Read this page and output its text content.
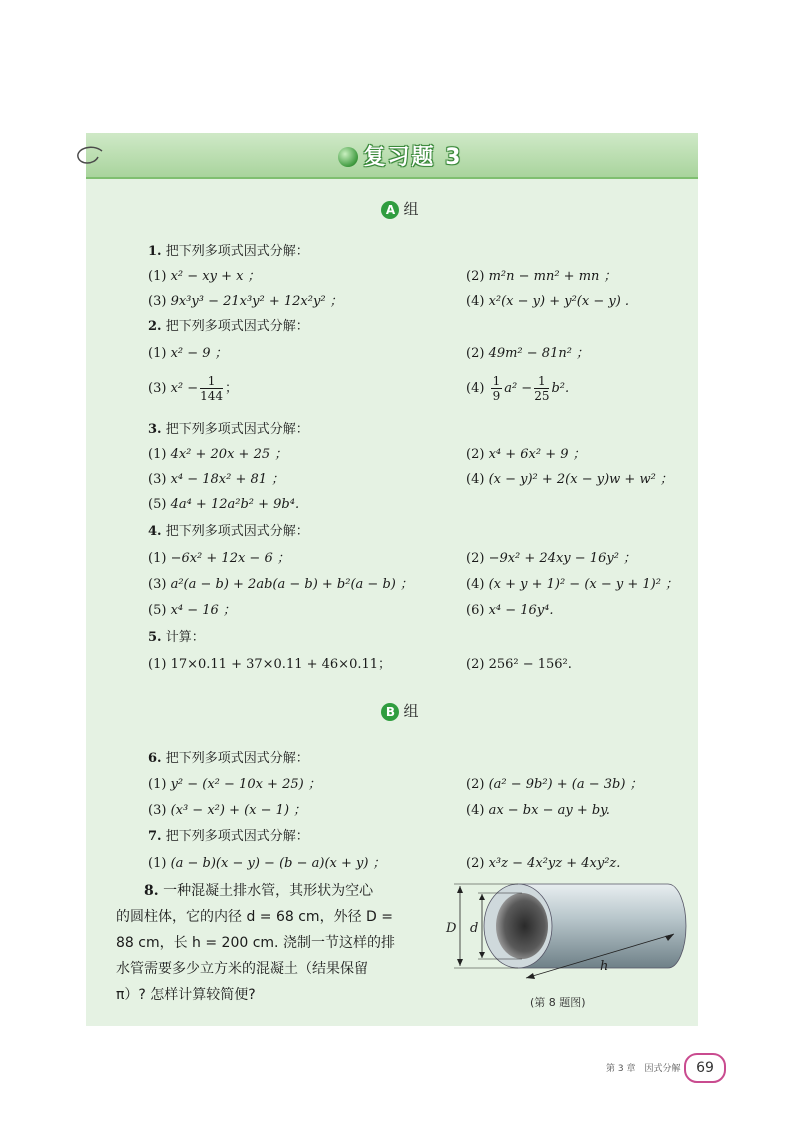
复习题 3
A 组
1. 把下列多项式因式分解：
(1) x² − xy + x ；	(2) m²n − mn² + mn ；
(3) 9x³y³ − 21x³y² + 12x²y² ；	(4) x²(x − y) + y²(x − y) .
2. 把下列多项式因式分解：
(1) x² − 9 ；	(2) 49m² − 81n² ；
(3) $x^2 - \frac{1}{144}$ ；	$(4) \frac{1}{9} a^2 - \frac{1}{25} b^2$.
3. 把下列多项式因式分解：
(1) 4x² + 20x + 25 ；	(2) x⁴ + 6x² + 9 ；
(3) x⁴ − 18x² + 81 ；	(4) (x − y)² + 2(x − y)w + w² ；
(5) 4a⁴ + 12a²b² + 9b⁴.
4. 把下列多项式因式分解：
(1) −6x² + 12x − 6 ；	(2) −9x² + 24xy − 16y² ；
(3) a²(a − b) + 2ab(a − b) + b²(a − b) ；	(4) (x + y + 1)² − (x − y + 1)² ；
(5) x⁴ − 16 ；	(6) x⁴ − 16y⁴.
5. 计算：
(1) 17×0.11 + 37×0.11 + 46×0.11；	(2) 256² − 156².
B 组
6. 把下列多项式因式分解：
(1) y² − (x² − 10x + 25) ；	(2) (a² − 9b²) + (a − 3b) ；
(3) (x³ − x²) + (x − 1) ；	(4) ax − bx − ay + by.
7. 把下列多项式因式分解：
(1) (a − b)(x − y) − (b − a)(x + y) ；	(2) x³z − 4x²yz + 4xy²z.
8. 一种混凝土排水管，其形状为空心
的圆柱体，它的内径 d = 68 cm，外径 D =
88 cm，长 h = 200 cm. 浇制一节这样的排
水管需要多少立方米的混凝土（结果保留
π）? 怎样计算较简便?
D d
h
(第 8 题图)
第 3 章　因式分解	69
